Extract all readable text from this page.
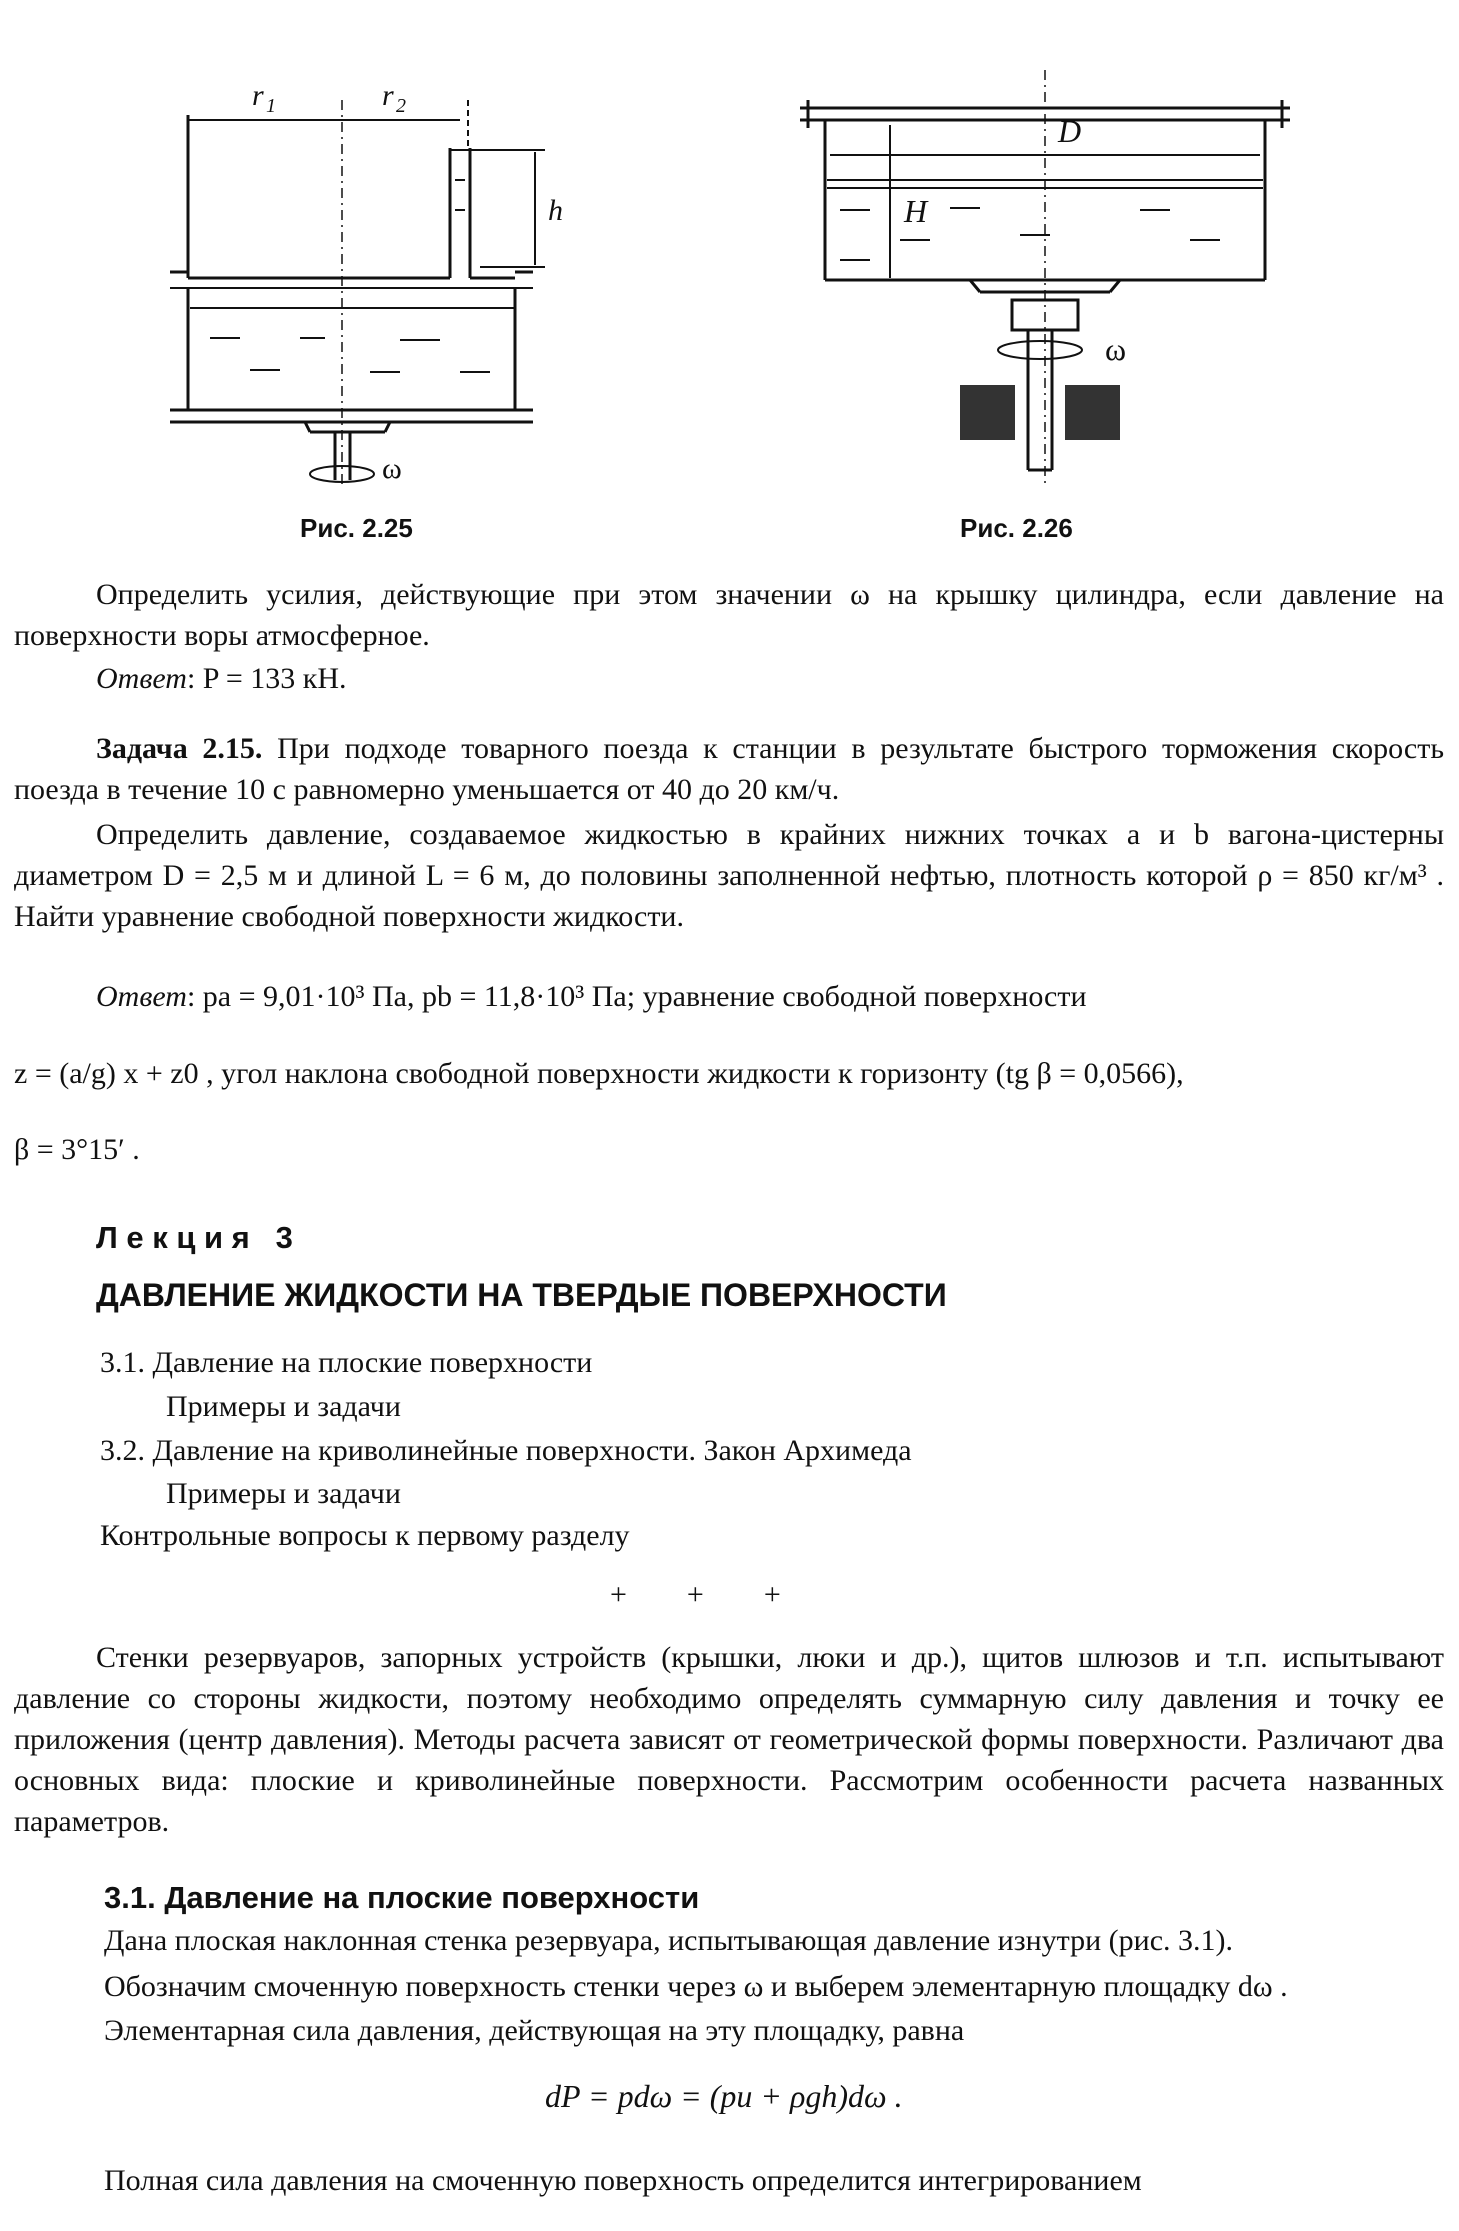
r 1	r 2
h
ω
Рис. 2.25
D
H
ω
Рис. 2.26

Определить усилия, действующие при этом значении ω на крышку цилиндра, если давление на поверхности воры атмосферное.

Ответ: P = 133 кН.

Задача 2.15. При подходе товарного поезда к станции в результате быстрого торможения скорость поезда в течение 10 с равномерно уменьшается от 40 до 20 км/ч.

Определить давление, создаваемое жидкостью в крайних нижних точках a и b вагона-цистерны диаметром D = 2,5 м и длиной L = 6 м, до половины заполненной нефтью, плотность которой ρ = 850 кг/м³ . Найти уравнение свободной поверхности жидкости.

Ответ: pa = 9,01·10³ Па, pb = 11,8·10³ Па; уравнение свободной поверхности
z = (a/g) x + z0 , угол наклона свободной поверхности жидкости к горизонту (tg β = 0,0566),
β = 3°15′ .
Л е к ц и я   3
ДАВЛЕНИЕ ЖИДКОСТИ НА ТВЕРДЫЕ ПОВЕРХНОСТИ
3.1. Давление на плоские поверхности
Примеры и задачи
3.2. Давление на криволинейные поверхности. Закон Архимеда
Примеры и задачи
Контрольные вопросы к первому разделу
+        +        +

Стенки резервуаров, запорных устройств (крышки, люки и др.), щитов шлюзов и т.п. испытывают давление со стороны жидкости, поэтому необходимо определять суммарную силу давления и точку ее приложения (центр давления). Методы расчета зависят от геометрической формы поверхности. Различают два основных вида: плоские и криволинейные поверхности. Рассмотрим особенности расчета названных параметров.

3.1. Давление на плоские поверхности
Дана плоская наклонная стенка резервуара, испытывающая давление изнутри (рис. 3.1).
Обозначим смоченную поверхность стенки через ω и выберем элементарную площадку dω .
Элементарная сила давления, действующая на эту площадку, равна
dP = pdω = (pи + ρgh)dω .
Полная сила давления на смоченную поверхность определится интегрированием
